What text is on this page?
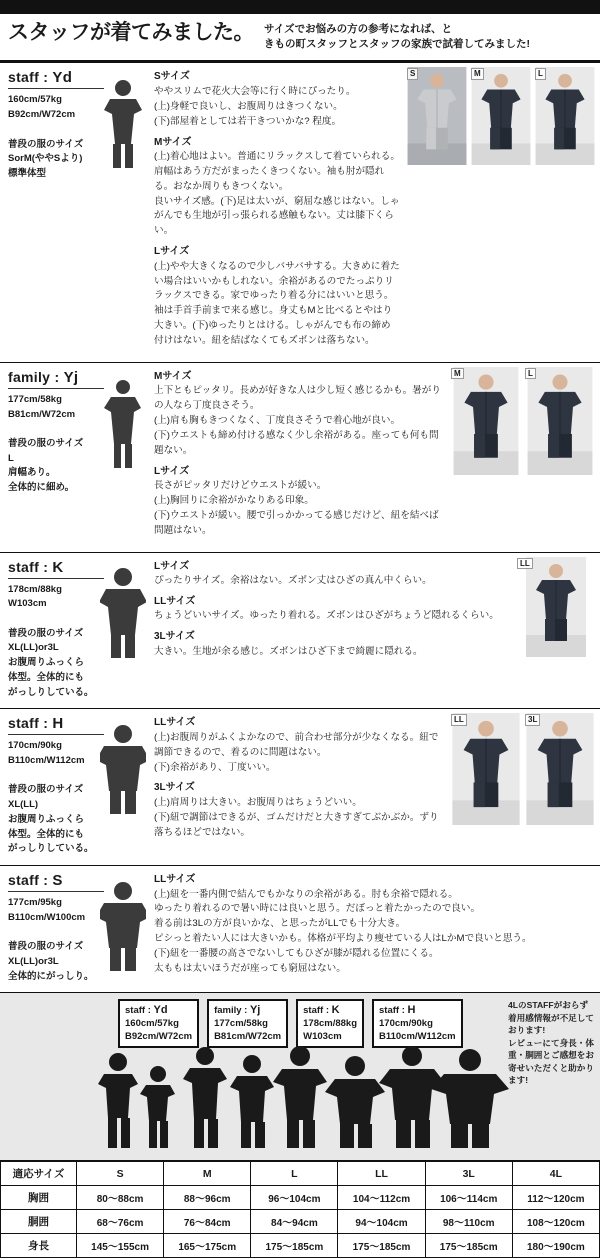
スタッフが着てみました。 サイズでお悩みの方の参考になれば、と
きもの町スタッフとスタッフの家族で試着してみました!
staff : Yd
160cm/57kg
B92cm/W72cm

普段の服のサイズ
SorM(ややSより)
標準体型
Sサイズ

ややスリムで花火大会等に行く時にぴったり。
(上)身軽で良いし、お腹周りはきつくない。
(下)部屋着としては若干きついかな? 程度。

Mサイズ

(上)着心地はよい。普通にリラックスして着ていられる。肩幅はあう方だがまったくきつくない。袖も肘が隠れる。おなか周りもきつくない。
良いサイズ感。(下)足は太いが、窮屈な感じはない。しゃがんでも生地が引っ張られる感触もない。丈は膝下くらい。

Lサイズ

(上)やや大きくなるので少しバサバサする。大きめに着たい場合はいいかもしれない。余裕があるのでたっぷりリラックスできる。家でゆったり着る分にはいいと思う。袖は手首手前まで来る感じ。身丈もMと比べるとやはり大きい。(下)ゆったりとはける。しゃがんでも布の締め付けはない。紐を結ばなくてもズボンは落ちない。

S	M	L
family : Yj
177cm/58kg
B81cm/W72cm

普段の服のサイズ
L
肩幅あり。
全体的に細め。
Mサイズ

上下ともピッタリ。長めが好きな人は少し短く感じるかも。暑がりの人なら丁度良さそう。
(上)肩も胸もきつくなく、丁度良さそうで着心地が良い。
(下)ウエストも締め付ける感なく少し余裕がある。座っても何も問題ない。

Lサイズ

長さがピッタリだけどウエストが緩い。
(上)胸回りに余裕がかなりある印象。
(下)ウエストが緩い。腰で引っかかってる感じだけど、紐を結べば問題はない。

M	L
staff : K
178cm/88kg
W103cm

普段の服のサイズ
XL(LL)or3L
お腹周りふっくら
体型。全体的にも
がっしりしている。
Lサイズ

ぴったりサイズ。余裕はない。ズボン丈はひざの真ん中くらい。

LLサイズ

ちょうどいいサイズ。ゆったり着れる。ズボンはひざがちょうど隠れるくらい。

3Lサイズ

大きい。生地が余る感じ。ズボンはひざ下まで綺麗に隠れる。

LL
staff : H
170cm/90kg
B110cm/W112cm

普段の服のサイズ
XL(LL)
お腹周りふっくら
体型。全体的にも
がっしりしている。
LLサイズ

(上)お腹周りがふくよかなので、前合わせ部分が少なくなる。紐で調節できるので、着るのに問題はない。
(下)余裕があり、丁度いい。

3Lサイズ

(上)肩周りは大きい。お腹周りはちょうどいい。
(下)紐で調節はできるが、ゴムだけだと大きすぎてぶかぶか。ずり落ちるほどではない。

LL	3L
staff : S
177cm/95kg
B110cm/W100cm

普段の服のサイズ
XL(LL)or3L
全体的にがっしり。
LLサイズ

(上)紐を一番内側で結んでもかなりの余裕がある。肘も余裕で隠れる。
ゆったり着れるので暑い時には良いと思う。だぼっと着たかったので良い。
着る前は3Lの方が良いかな、と思ったがLLでも十分大き。
ピシっと着たい人には大きいかも。体格が平均より痩せている人はLかMで良いと思う。
(下)紐を一番腰の高さでないしてもひざが膝が隠れる位置にくる。
太ももは太いほうだが座っても窮屈はない。

staff : Yd
160cm/57kg
B92cm/W72cm
family : Yj
177cm/58kg
B81cm/W72cm
staff : K
178cm/88kg
W103cm
staff : H
170cm/90kg
B110cm/W112cm
4LのSTAFFがおらず着用感情報が不足しております!
レビューにて身長・体重・胴囲とご感想をお寄せいただくと助かります!
適応サイズ	S	M	L	LL	3L	4L
胸囲	80〜88cm	88〜96cm	96〜104cm	104〜112cm	106〜114cm	112〜120cm
胴囲	68〜76cm	76〜84cm	84〜94cm	94〜104cm	98〜110cm	108〜120cm
身長	145〜155cm	165〜175cm	175〜185cm	175〜185cm	175〜185cm	180〜190cm
